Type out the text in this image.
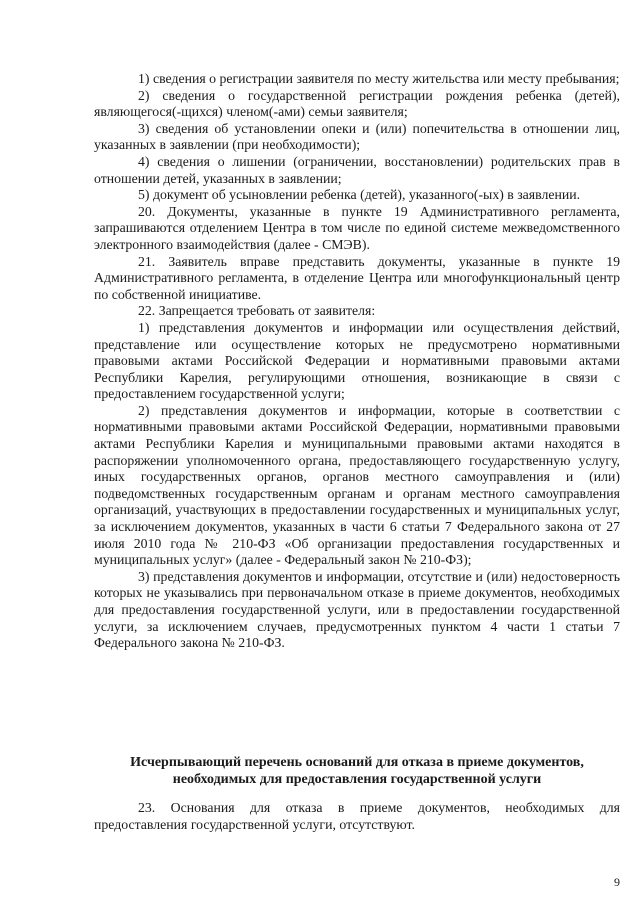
1) сведения о регистрации заявителя по месту жительства или месту пребывания;

2) сведения о государственной регистрации рождения ребенка (детей), являющегося(-щихся) членом(-ами) семьи заявителя;

3) сведения об установлении опеки и (или) попечительства в отношении лиц, указанных в заявлении (при необходимости);

4) сведения о лишении (ограничении, восстановлении) родительских прав в отношении детей, указанных в заявлении;

5) документ об усыновлении ребенка (детей), указанного(-ых) в заявлении.

20. Документы, указанные в пункте 19 Административного регламента, запрашиваются отделением Центра в том числе по единой системе межведомственного электронного взаимодействия (далее - СМЭВ).

21. Заявитель вправе представить документы, указанные в пункте 19 Административного регламента, в отделение Центра или многофункциональный центр по собственной инициативе.

22. Запрещается требовать от заявителя:

1) представления документов и информации или осуществления действий, представление или осуществление которых не предусмотрено нормативными правовыми актами Российской Федерации и нормативными правовыми актами Республики Карелия, регулирующими отношения, возникающие в связи с предоставлением государственной услуги;

2) представления документов и информации, которые в соответствии с нормативными правовыми актами Российской Федерации, нормативными правовыми актами Республики Карелия и муниципальными правовыми актами находятся в распоряжении уполномоченного органа, предоставляющего государственную услугу, иных государственных органов, органов местного самоуправления и (или) подведомственных государственным органам и органам местного самоуправления организаций, участвующих в предоставлении государственных и муниципальных услуг, за исключением документов, указанных в части 6 статьи 7 Федерального закона от 27 июля 2010 года № 210-ФЗ «Об организации предоставления государственных и муниципальных услуг» (далее - Федеральный закон № 210-ФЗ);

3) представления документов и информации, отсутствие и (или) недостоверность которых не указывались при первоначальном отказе в приеме документов, необходимых для предоставления государственной услуги, или в предоставлении государственной услуги, за исключением случаев, предусмотренных пунктом 4 части 1 статьи 7 Федерального закона № 210-ФЗ.

Исчерпывающий перечень оснований для отказа в приеме документов, необходимых для предоставления государственной услуги

23. Основания для отказа в приеме документов, необходимых для предоставления государственной услуги, отсутствуют.

9
